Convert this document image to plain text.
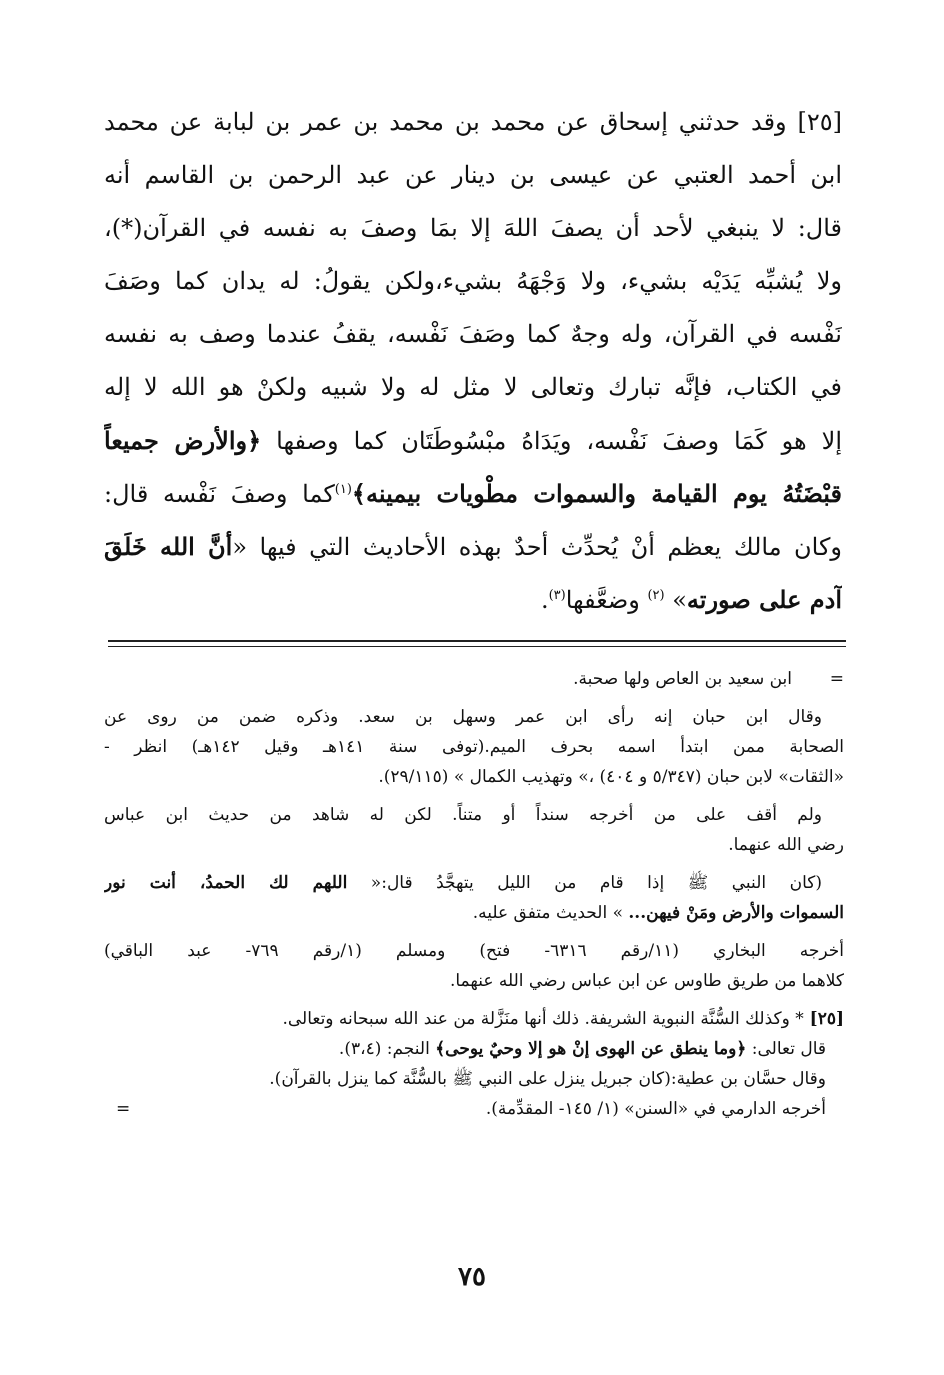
[٢٥] وقد حدثني إسحاق عن محمد بن محمد بن عمر بن لبابة عن محمد
ابن أحمد العتبي عن عيسى بن دينار عن عبد الرحمن بن القاسم أنه
قال: لا ينبغي لأحد أن يصفَ اللهَ إلا بمَا وصفَ به نفسه في القرآن(*)،
ولا يُشبِّه يَدَيْه بشيء، ولا وَجْهَهُ بشيء،ولكن يقولُ: له يدان كما وصَفَ
نَفْسه في القرآن، وله وجهٌ كما وصَفَ نَفْسه، يقفُ عندما وصف به نفسه
في الكتاب، فإنَّه تبارك وتعالى لا مثل له ولا شبيه ولكنْ هو الله لا إله
إلا هو كَمَا وصفَ نَفْسه، ويَدَاهُ مبْسُوطَتَان كما وصفها ﴿والأرض جميعاً
قبْضَتُهُ يوم القيامة والسموات مطْويات بيمينه﴾$^{(١)}$كما وصفَ نَفْسه قال:
وكان مالك يعظم أنْ يُحدِّث أحدٌ بهذه الأحاديث التي فيها «أنَّ الله خَلَقَ
آدم على صورته» $^{(٢)}$ وضعَّفها$^{(٣)}$.
=
ابن سعيد بن العاص ولها صحبة.
وقال ابن حبان إنه رأى ابن عمر وسهل بن سعد. وذكره ضمن من روى عن
الصحابة ممن ابتدأ اسمه بحرف الميم.(توفى سنة ١٤١هـ وقيل ١٤٢هـ) انظر -
«الثقات» لابن حبان (٥/٣٤٧ و ٤٠٤) ،» وتهذيب الكمال » (٢٩/١١٥).
ولم أقف على من أخرجه سنداً أو متناً. لكن له شاهد من حديث ابن عباس
رضي الله عنهما.
(كان النبي ﷺ إذا قام من الليل يتهجَّدُ قال:« اللهم لك الحمدُ، أنت نور
السموات والأرض ومَنْ فيهن... » الحديث متفق عليه.
أخرجه البخاري (١١/رقم ٦٣١٦- فتح) ومسلم (١/رقم ٧٦٩- عبد الباقي)
كلاهما من طريق طاوس عن ابن عباس رضي الله عنهما.
[٢٥] * وكذلك السُّنَّة النبوية الشريفة. ذلك أنها منَزَّلة من عند الله سبحانه وتعالى.
قال تعالى: ﴿وما ينطق عن الهوى إنْ هو إلا وحيٌ يوحى﴾ النجم: (٣،٤).
وقال حسَّان بن عطية:(كان جبريل ينزل على النبي ﷺ بالسُّنَّة كما ينزل بالقرآن).
أخرجه الدارمي في «السنن» (١/ ١٤٥- المقدِّمة).
=
٧٥
